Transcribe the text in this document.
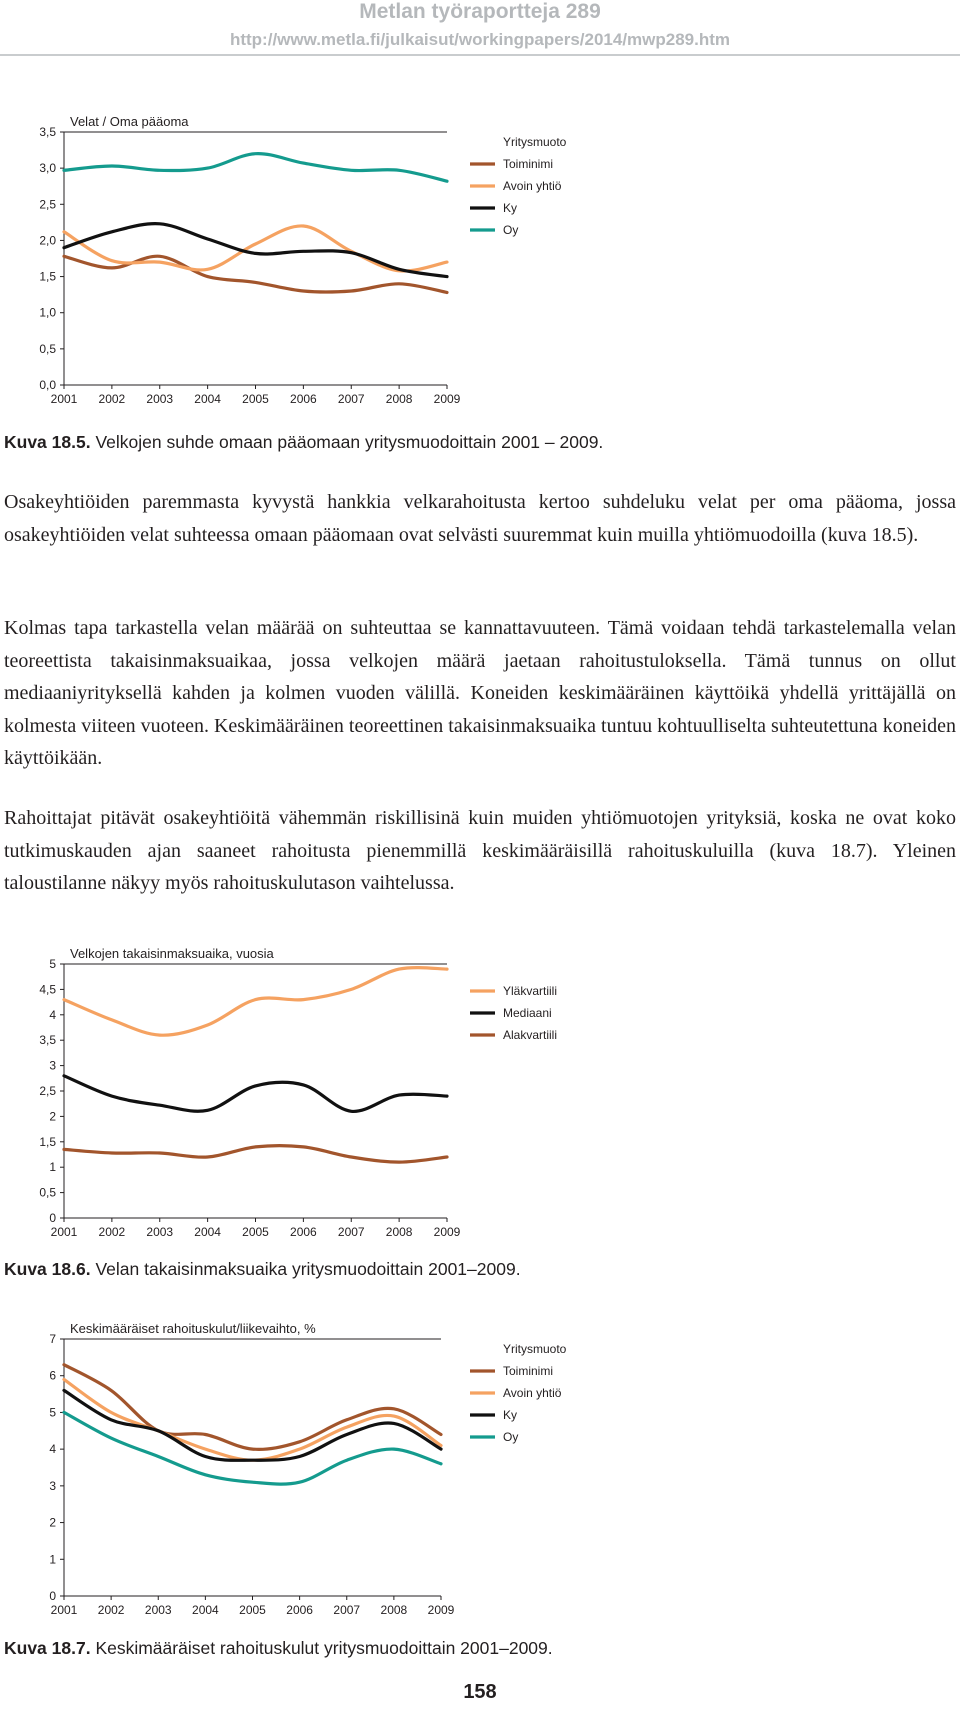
Metlan työraportteja 289
http://www.metla.fi/julkaisut/workingpapers/2014/mwp289.htm
0,0
0,5
1,0
1,5
2,0
2,5
3,0
3,5
2001 2002 2003 2004 2005 2006 2007 2008 2009
Velat / Oma pääoma
Yritysmuoto
Toiminimi
Avoin yhtiö
Ky
Oy
Kuva 18.5. Velkojen suhde omaan pääomaan yritysmuodoittain 2001 – 2009.

Osakeyhtiöiden paremmasta kyvystä hankkia velkarahoitusta kertoo suhdeluku velat per oma pääoma, jossa osakeyhtiöiden velat suhteessa omaan pääomaan ovat selvästi suuremmat kuin muilla yhtiömuodoilla (kuva 18.5).

Kolmas tapa tarkastella velan määrää on suhteuttaa se kannattavuuteen. Tämä voidaan tehdä tarkastelemalla velan teoreettista takaisinmaksuaikaa, jossa velkojen määrä jaetaan rahoitustuloksella. Tämä tunnus on ollut mediaaniyrityksellä kahden ja kolmen vuoden välillä. Koneiden keskimääräinen käyttöikä yhdellä yrittäjällä on kolmesta viiteen vuoteen. Keskimääräinen teoreettinen takaisinmaksuaika tuntuu kohtuulliselta suhteutettuna koneiden käyttöikään.

Rahoittajat pitävät osakeyhtiöitä vähemmän riskillisinä kuin muiden yhtiömuotojen yrityksiä, koska ne ovat koko tutkimuskauden ajan saaneet rahoitusta pienemmillä keskimääräisillä rahoituskuluilla (kuva 18.7). Yleinen taloustilanne näkyy myös rahoituskulutason vaihtelussa.

0
0,5
1
1,5
2
2,5
3
3,5
4
4,5
5
2001 2002 2003 2004 2005 2006 2007 2008 2009
Velkojen takaisinmaksuaika, vuosia
Yläkvartiili
Mediaani
Alakvartiili
Kuva 18.6. Velan takaisinmaksuaika yritysmuodoittain 2001–2009.
0
1
2
3
4
5
6
7
2001 2002 2003 2004 2005 2006 2007 2008 2009
Keskimääräiset rahoituskulut/liikevaihto, %
Yritysmuoto
Toiminimi
Avoin yhtiö
Ky
Oy
Kuva 18.7. Keskimääräiset rahoituskulut yritysmuodoittain 2001–2009.
158
